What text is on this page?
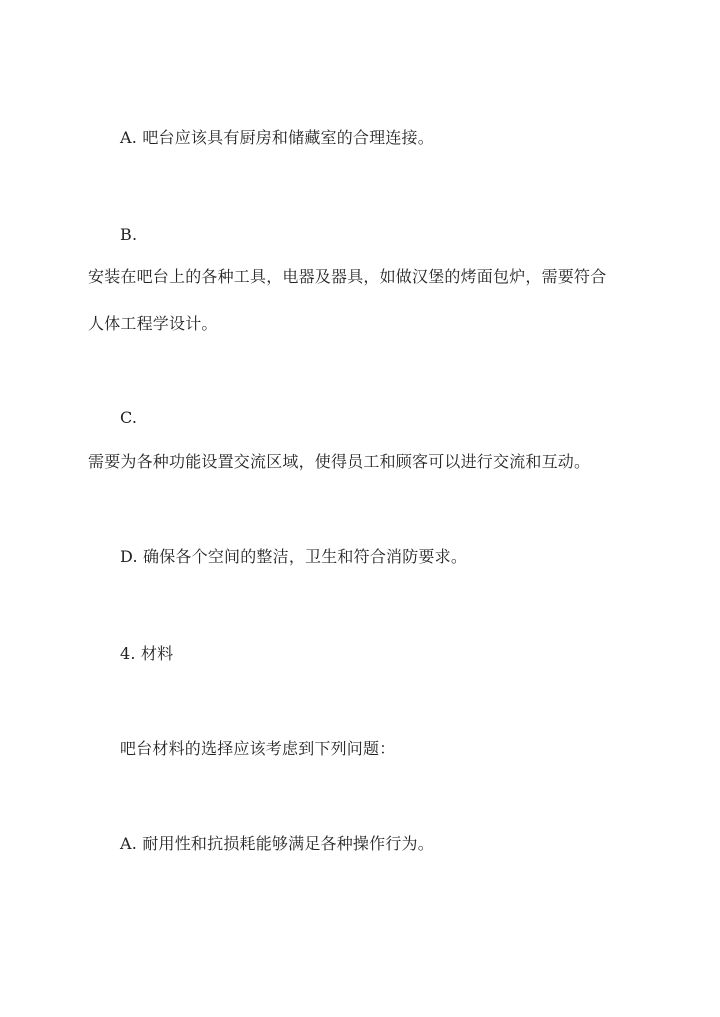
A. 吧台应该具有厨房和储藏室的合理连接。
B.
安装在吧台上的各种工具，电器及器具，如做汉堡的烤面包炉，需要符合
人体工程学设计。
C.
需要为各种功能设置交流区域，使得员工和顾客可以进行交流和互动。
D. 确保各个空间的整洁，卫生和符合消防要求。
4. 材料
吧台材料的选择应该考虑到下列问题：
A. 耐用性和抗损耗能够满足各种操作行为。
